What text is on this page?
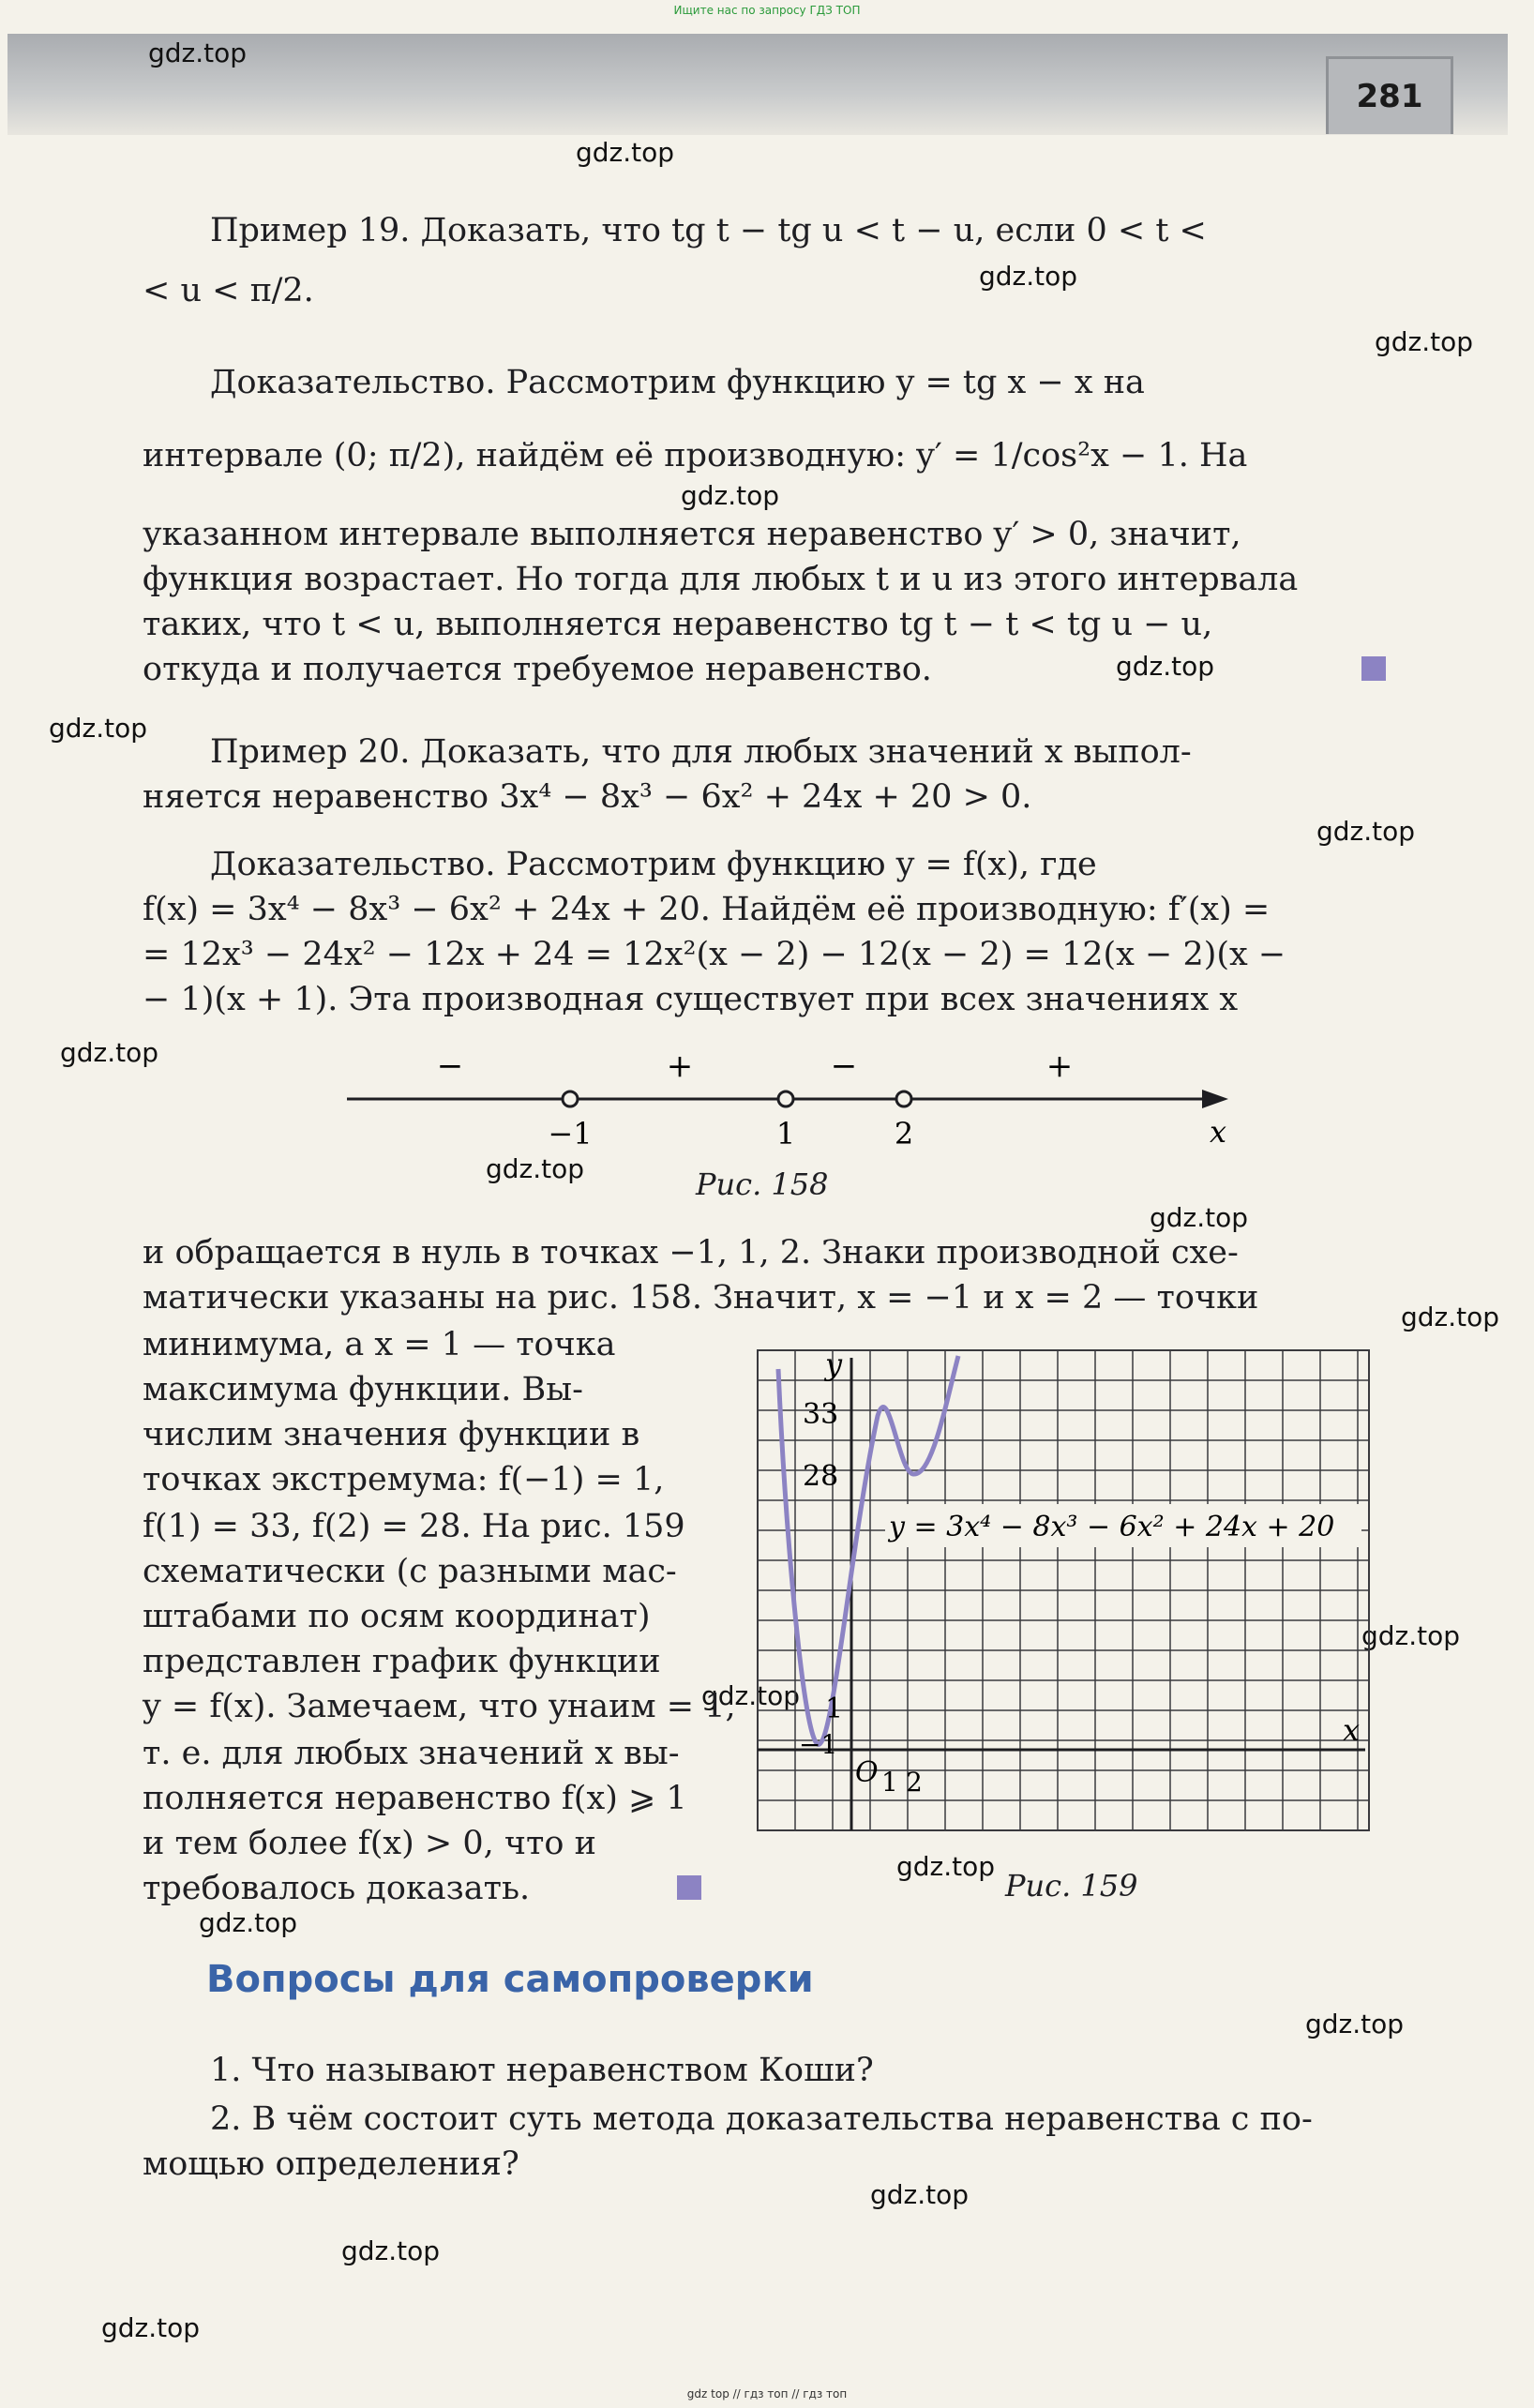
Ищите нас по запросу ГДЗ ТОП
281
gdz.top
gdz.top
gdz.top
gdz.top
gdz.top
gdz.top
gdz.top
gdz.top
gdz.top
gdz.top
gdz.top
gdz.top
gdz.top
gdz.top
gdz.top
gdz.top
gdz.top
gdz.top
gdz.top
gdz.top
Пример 19. Доказать, что tg t − tg u < t − u, если 0 < t <
< u < π/2.
Доказательство. Рассмотрим функцию y = tg x − x на
интервале (0; π/2), найдём её производную: y′ = 1/cos²x − 1. На
указанном интервале выполняется неравенство y′ > 0, значит,
функция возрастает. Но тогда для любых t и u из этого интервала
таких, что t < u, выполняется неравенство tg t − t < tg u − u,
откуда и получается требуемое неравенство.
Пример 20. Доказать, что для любых значений x выпол-
няется неравенство 3x⁴ − 8x³ − 6x² + 24x + 20 > 0.
Доказательство. Рассмотрим функцию y = f(x), где
f(x) = 3x⁴ − 8x³ − 6x² + 24x + 20. Найдём её производную: f′(x) =
= 12x³ − 24x² − 12x + 24 = 12x²(x − 2) − 12(x − 2) = 12(x − 2)(x −
− 1)(x + 1). Эта производная существует при всех значениях x
−	+	−	+
−1	1	2	x
Рис. 158
и обращается в нуль в точках −1, 1, 2. Знаки производной схе-
матически указаны на рис. 158. Значит, x = −1 и x = 2 — точки
минимума, а x = 1 — точка
максимума функции. Вы-
числим значения функции в
точках экстремума: f(−1) = 1,
f(1) = 33, f(2) = 28. На рис. 159
схематически (с разными мас-
штабами по осям координат)
представлен график функции
y = f(x). Замечаем, что yнаим = 1,
т. е. для любых значений x вы-
полняется неравенство f(x) ⩾ 1
и тем более f(x) > 0, что и
требовалось доказать.
y
x
O
33
28
1
−1
1 2
y = 3x⁴ − 8x³ − 6x² + 24x + 20
Рис. 159
Вопросы для самопроверки
1. Что называют неравенством Коши?
2. В чём состоит суть метода доказательства неравенства с по-
мощью определения?
gdz top // гдз топ // гдз топ
